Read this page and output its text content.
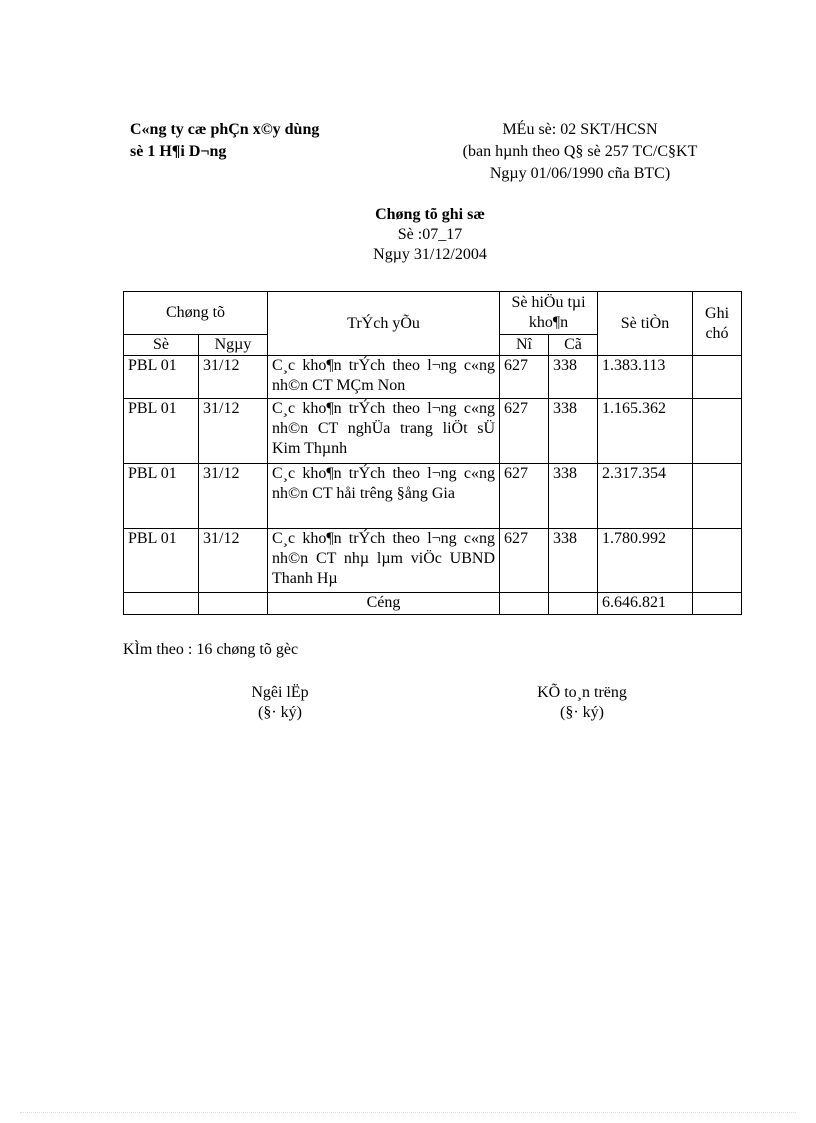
C«ng ty cæ phÇn x©y dùng
sè 1 H¶i D¬ng
MÉu sè: 02 SKT/HCSN
(ban hµnh theo Q§ sè 257 TC/C§KT
Ngµy 01/06/1990 cña BTC)
Chøng tõ ghi sæ
Sè :07_17
Ngµy 31/12/2004
Chøng tõ		TrÝch yÕu	Sè hiÖu tµi kho¶n		Sè tiÒn	Ghi chó
Sè	Ngµy		Nî	Cã		
PBL 01	31/12	C¸c kho¶n trÝch theo l¬ng c«ng nh©n CT MÇm Non	627	338	1.383.113	
PBL 01	31/12	C¸c kho¶n trÝch theo l¬ng c«ng nh©n CT nghÜa trang liÖt sÜ Kim Thµnh	627	338	1.165.362	
PBL 01	31/12	C¸c kho¶n trÝch theo l¬ng c«ng nh©n CT håi trêng §ång Gia	627	338	2.317.354	
PBL 01	31/12	C¸c kho¶n trÝch theo l¬ng c«ng nh©n CT nhµ lµm viÖc UBND Thanh Hµ	627	338	1.780.992	
		Céng			6.646.821	
KÌm theo : 16 chøng tõ gèc
Ngêi lËp
(§· ký)
KÕ to¸n trëng
(§· ký)
